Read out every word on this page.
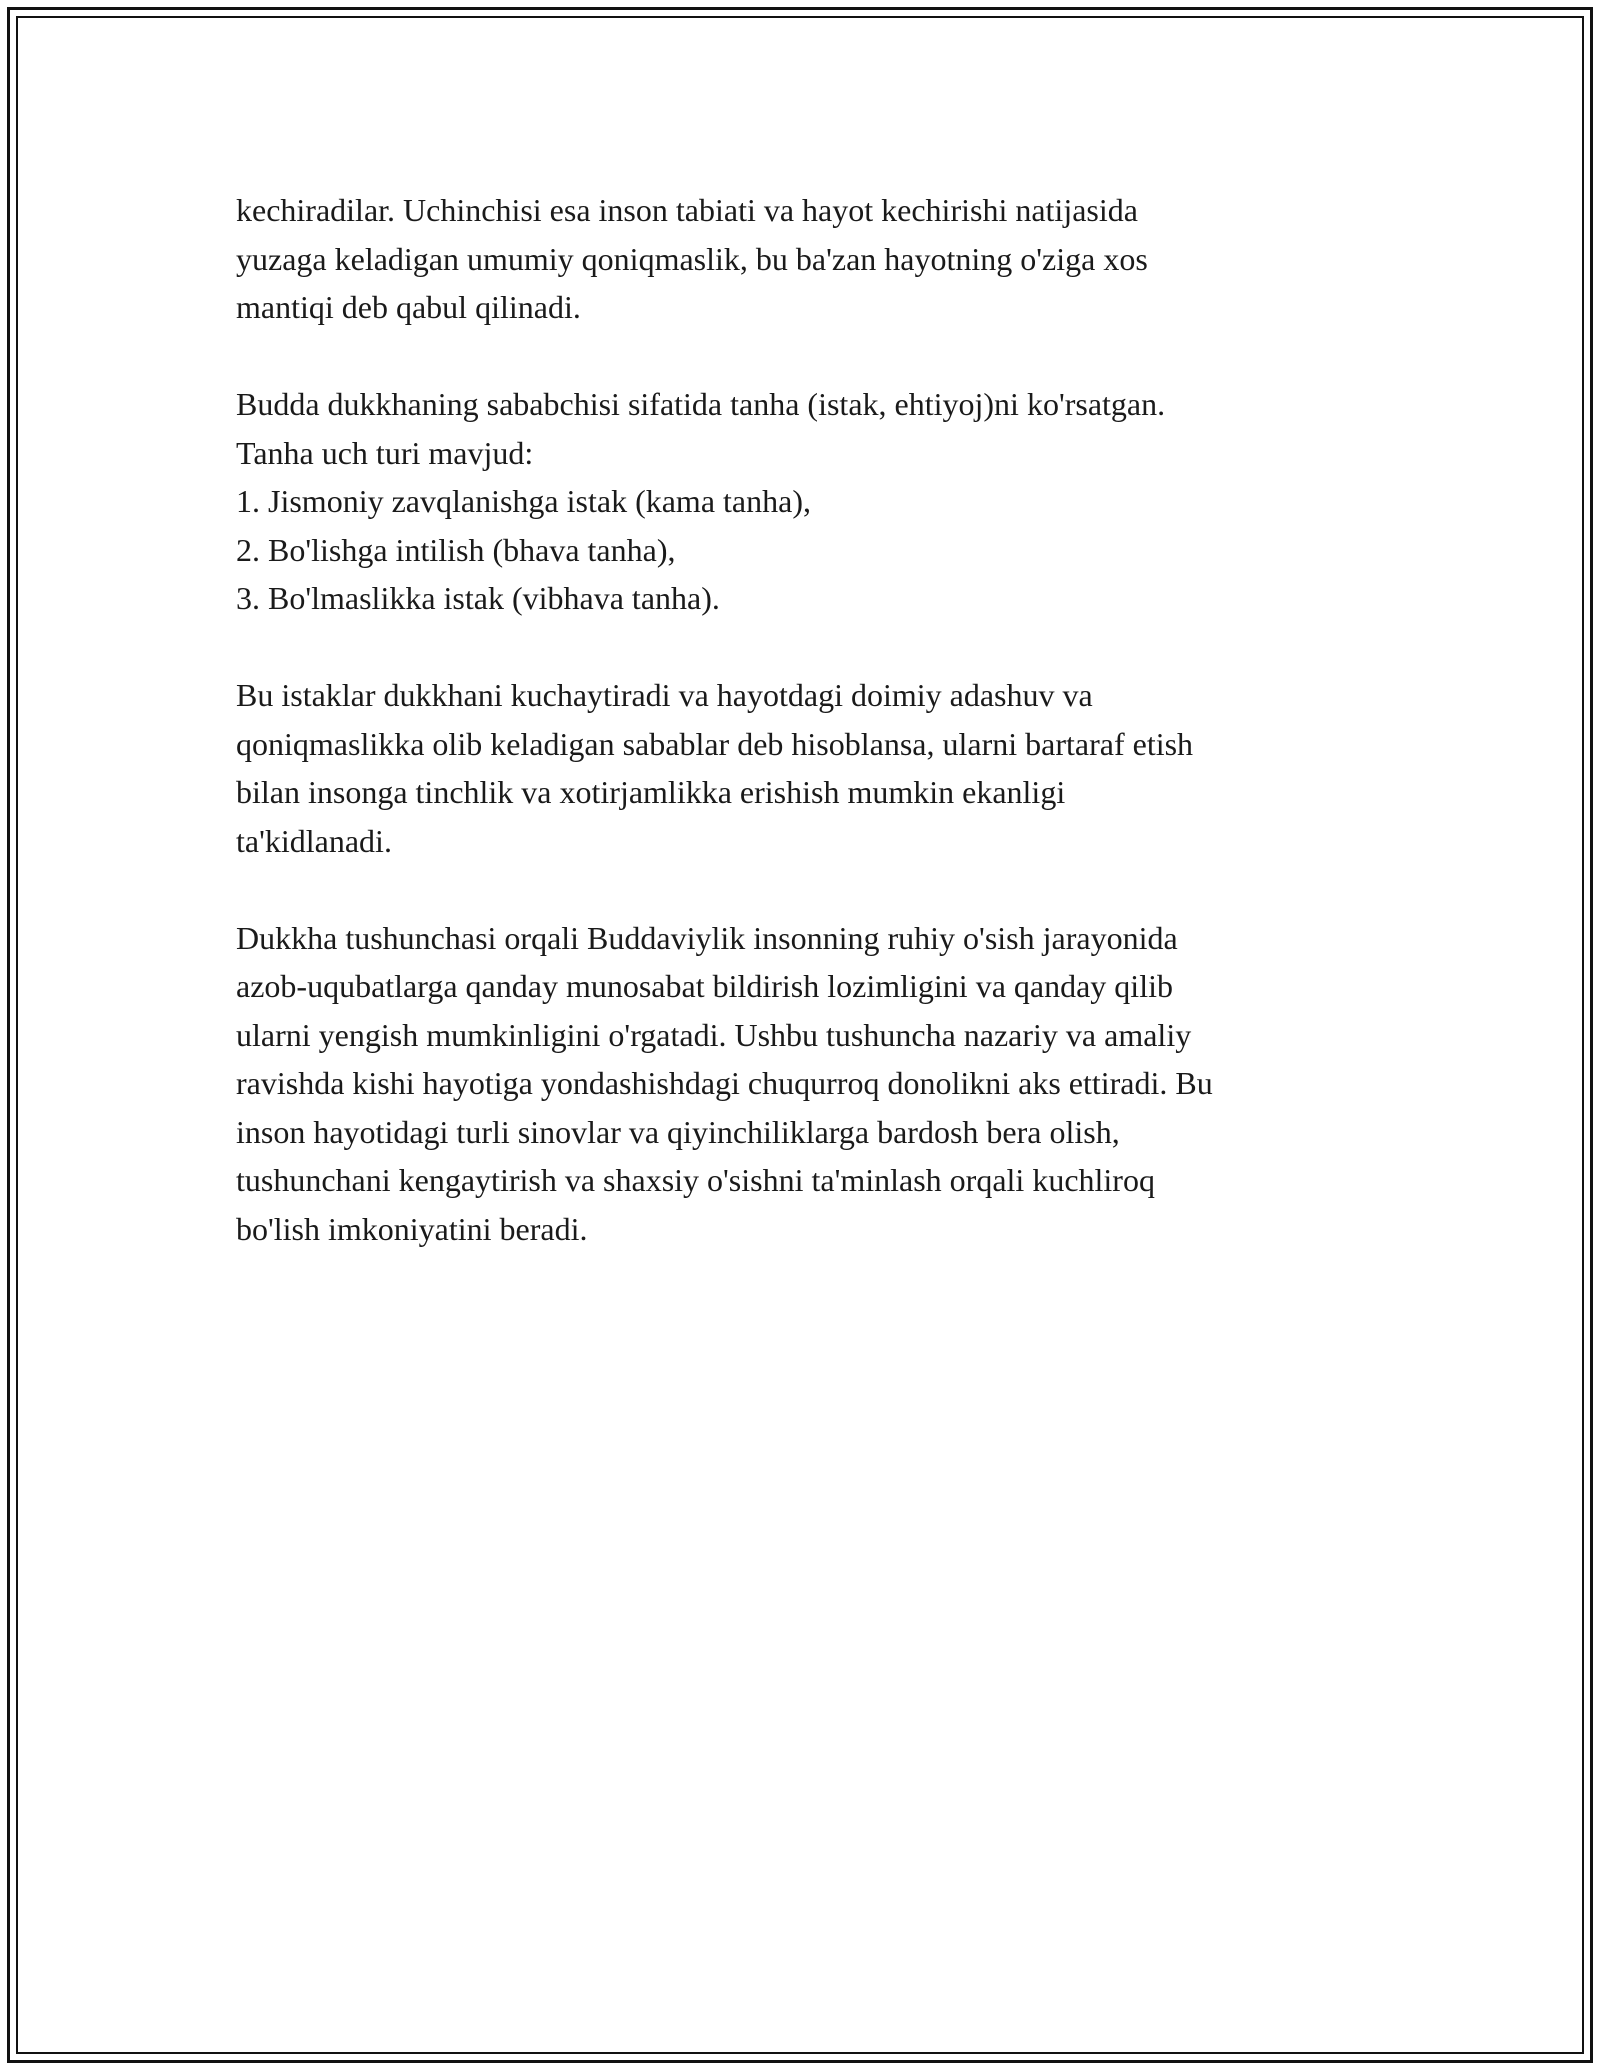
kechiradilar. Uchinchisi esa inson tabiati va hayot kechirishi natijasida
yuzaga keladigan umumiy qoniqmaslik, bu ba'zan hayotning o'ziga xos
mantiqi deb qabul qilinadi.

Budda dukkhaning sababchisi sifatida tanha (istak, ehtiyoj)ni ko'rsatgan.
Tanha uch turi mavjud:
1. Jismoniy zavqlanishga istak (kama tanha),
2. Bo'lishga intilish (bhava tanha),
3. Bo'lmaslikka istak (vibhava tanha).

Bu istaklar dukkhani kuchaytiradi va hayotdagi doimiy adashuv va
qoniqmaslikka olib keladigan sabablar deb hisoblansa, ularni bartaraf etish
bilan insonga tinchlik va xotirjamlikka erishish mumkin ekanligi
ta'kidlanadi.

Dukkha tushunchasi orqali Buddaviylik insonning ruhiy o'sish jarayonida
azob-uqubatlarga qanday munosabat bildirish lozimligini va qanday qilib
ularni yengish mumkinligini o'rgatadi. Ushbu tushuncha nazariy va amaliy
ravishda kishi hayotiga yondashishdagi chuqurroq donolikni aks ettiradi. Bu
inson hayotidagi turli sinovlar va qiyinchiliklarga bardosh bera olish,
tushunchani kengaytirish va shaxsiy o'sishni ta'minlash orqali kuchliroq
bo'lish imkoniyatini beradi.
